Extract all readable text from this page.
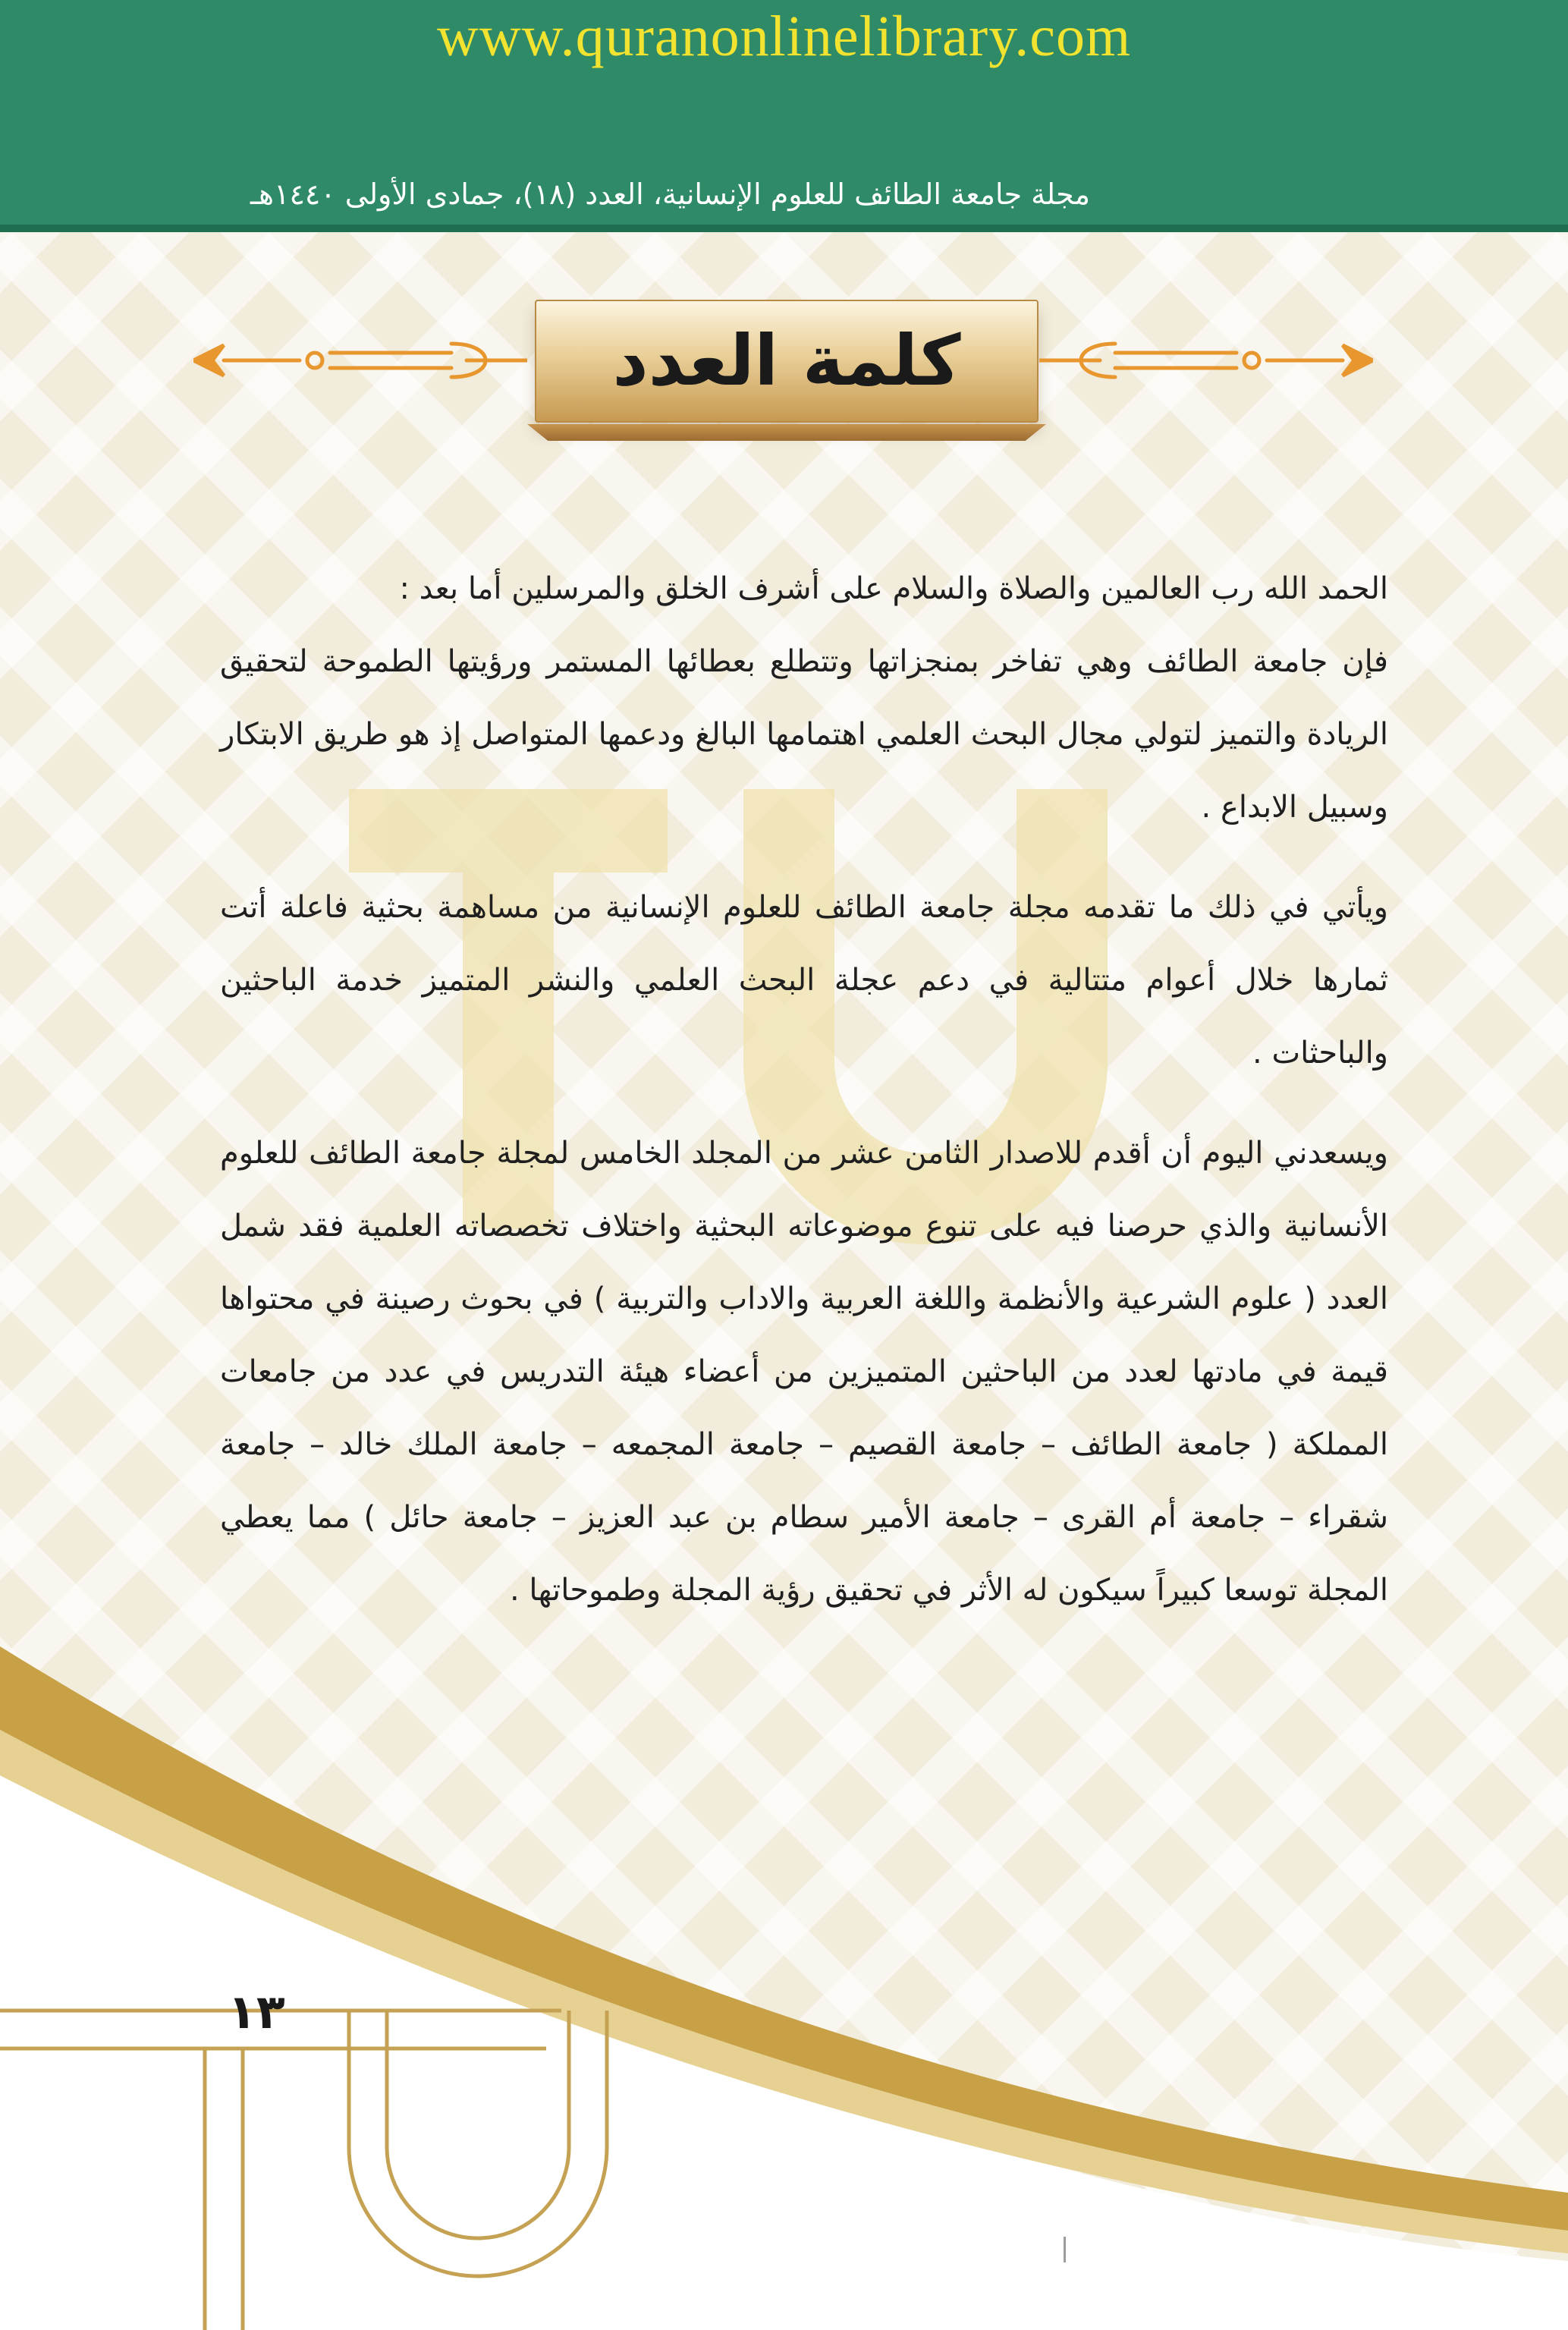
www.quranonlinelibrary.com
مجلة جامعة الطائف للعلوم الإنسانية، العدد (١٨)، جمادى الأولى ١٤٤٠هـ
كلمة العدد

الحمد الله رب العالمين والصلاة والسلام على أشرف الخلق والمرسلين أما بعد :

فإن جامعة الطائف وهي تفاخر بمنجزاتها وتتطلع بعطائها المستمر ورؤيتها الطموحة لتحقيق الريادة والتميز لتولي مجال البحث العلمي اهتمامها البالغ ودعمها المتواصل إذ هو طريق الابتكار وسبيل الابداع .

ويأتي في ذلك ما تقدمه مجلة جامعة الطائف للعلوم الإنسانية من مساهمة بحثية فاعلة أتت ثمارها خلال أعوام متتالية في دعم عجلة البحث العلمي والنشر المتميز خدمة الباحثين والباحثات .

ويسعدني اليوم أن أقدم للاصدار الثامن عشر من المجلد الخامس لمجلة جامعة الطائف للعلوم الأنسانية والذي حرصنا فيه على تنوع موضوعاته البحثية واختلاف تخصصاته العلمية فقد شمل العدد ( علوم الشرعية والأنظمة واللغة العربية والاداب والتربية ) في بحوث رصينة في محتواها قيمة في مادتها لعدد من الباحثين المتميزين من أعضاء هيئة التدريس في عدد من جامعات المملكة ( جامعة الطائف – جامعة القصيم – جامعة المجمعه – جامعة الملك خالد – جامعة شقراء – جامعة أم القرى – جامعة الأمير سطام بن عبد العزيز – جامعة حائل ) مما يعطي المجلة توسعا كبيراً سيكون له الأثر في تحقيق رؤية المجلة وطموحاتها .

١٣
